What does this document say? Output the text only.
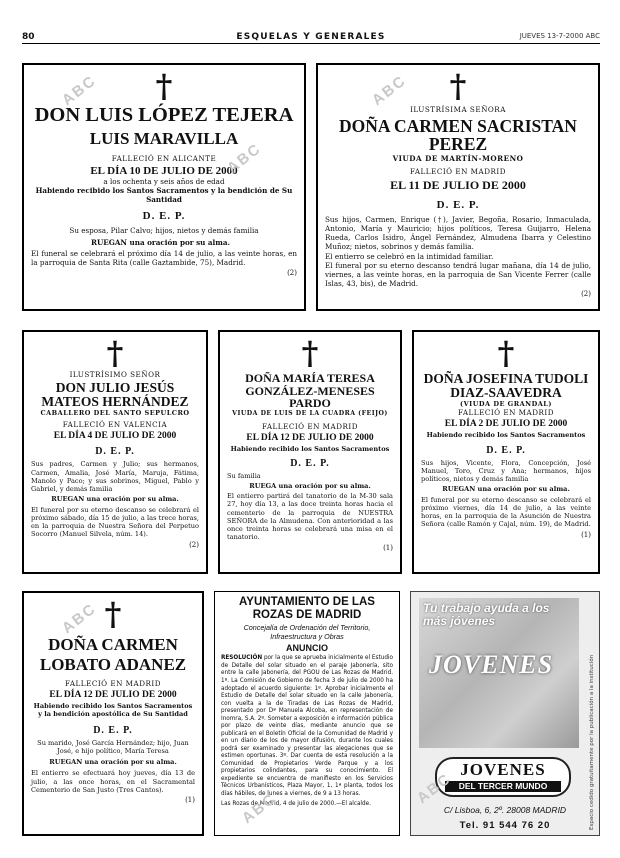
80	ESQUELAS Y GENERALES	JUEVES 13-7-2000 ABC
†
DON LUIS LÓPEZ TEJERA
LUIS MARAVILLA
FALLECIÓ EN ALICANTE
EL DÍA 10 DE JULIO DE 2000
a los ochenta y seis años de edad
Habiendo recibido los Santos Sacramentos y la bendición de Su Santidad
D. E. P.
Su esposa, Pilar Calvo; hijos, nietos y demás familia
RUEGAN una oración por su alma.
El funeral se celebrará el próximo día 14 de julio, a las veinte horas, en la parroquia de Santa Rita (calle Gaztambide, 75), Madrid.
(2)
†
ILUSTRÍSIMA SEÑORA
DOÑA CARMEN SACRISTAN PEREZ
VIUDA DE MARTÍN-MORENO
FALLECIÓ EN MADRID
EL 11 DE JULIO DE 2000
D. E. P.
Sus hijos, Carmen, Enrique (†), Javier, Begoña, Rosario, Inmaculada, Antonio, María y Mauricio; hijos políticos, Teresa Guijarro, Helena Rueda, Carlos Isidro, Ángel Fernández, Almudena Ibarra y Celestino Muñoz; nietos, sobrinos y demás familia.
El entierro se celebró en la intimidad familiar.
El funeral por su eterno descanso tendrá lugar mañana, día 14 de julio, viernes, a las veinte horas, en la parroquia de San Vicente Ferrer (calle Islas, 43, bis), de Madrid.
(2)
†
ILUSTRÍSIMO SEÑOR
DON JULIO JESÚS MATEOS HERNÁNDEZ
CABALLERO DEL SANTO SEPULCRO
FALLECIÓ EN VALENCIA
EL DÍA 4 DE JULIO DE 2000
D. E. P.
Sus padres, Carmen y Julio; sus hermanos, Carmen, Amalia, José María, Maruja, Fátima, Manolo y Paco; y sus sobrinos, Miguel, Pablo y Gabriel, y demás familia
RUEGAN una oración por su alma.
El funeral por su eterno descanso se celebrará el próximo sábado, día 15 de julio, a las trece horas, en la parroquia de Nuestra Señora del Perpetuo Socorro (Manuel Silvela, núm. 14).
(2)
†
DOÑA MARÍA TERESA GONZÁLEZ-MENESES PARDO
VIUDA DE LUIS DE LA CUADRA (FEIJO)
FALLECIÓ EN MADRID
EL DÍA 12 DE JULIO DE 2000
Habiendo recibido los Santos Sacramentos
D. E. P.
Su familia
RUEGA una oración por su alma.
El entierro partirá del tanatorio de la M-30 sala 27, hoy día 13, a las doce treinta horas hacia el cementerio de la parroquia de NUESTRA SEÑORA de la Almudena. Con anterioridad a las once treinta horas se celebrará una misa en el tanatorio.
(1)
†
DOÑA JOSEFINA TUDOLI DIAZ-SAAVEDRA
(VIUDA DE GRANDAL)
FALLECIÓ EN MADRID
EL DÍA 2 DE JULIO DE 2000
Habiendo recibido los Santos Sacramentos
D. E. P.
Sus hijos, Vicente, Flora, Concepción, José Manuel, Toro, Cruz y Ana; hermanos, hijos políticos, nietos y demás familia
RUEGAN una oración por su alma.
El funeral por su eterno descanso se celebrará el próximo viernes, día 14 de julio, a las veinte horas, en la parroquia de la Asunción de Nuestra Señora (calle Ramón y Cajal, núm. 19), de Madrid.
(1)
†
DOÑA CARMEN LOBATO ADANEZ
FALLECIÓ EN MADRID
EL DÍA 12 DE JULIO DE 2000
Habiendo recibido los Santos Sacramentos y la bendición apostólica de Su Santidad
D. E. P.
Su marido, José García Hernández; hijo, Juan José, e hijo político, María Teresa
RUEGAN una oración por su alma.
El entierro se efectuará hoy jueves, día 13 de julio, a las once horas, en el Sacramental Cementerio de San Justo (Tres Cantos).
(1)
AYUNTAMIENTO DE LAS ROZAS DE MADRID
Concejalía de Ordenación del Territorio, Infraestructura y Obras
ANUNCIO
RESOLUCIÓN por la que se aprueba inicialmente el Estudio de Detalle del solar situado en el paraje Jabonería, sito entre la calle Jabonería, del PGOU de Las Rozas de Madrid. 1º. La Comisión de Gobierno de fecha 3 de julio de 2000 ha adoptado el acuerdo siguiente: 1º. Aprobar inicialmente el Estudio de Detalle del solar situado en la calle Jabonería, con vuelta a la de Tiradas de Las Rozas de Madrid, presentado por Dª Manuela Alcoba, en representación de Inomra, S.A. 2º. Someter a exposición e información pública por plazo de veinte días, mediante anuncio que se publicará en el Boletín Oficial de la Comunidad de Madrid y en un diario de los de mayor difusión, durante los cuales podrá ser examinado y presentar las alegaciones que se estimen oportunas. 3º. Dar cuenta de esta resolución a la Comunidad de Propietarios Verde Parque y a los propietarios colindantes, para su conocimiento. El expediente se encuentra de manifiesto en los Servicios Técnicos Urbanísticos, Plaza Mayor, 1, 1ª planta, todos los días hábiles, de lunes a viernes, de 9 a 13 horas.
Las Rozas de Madrid, 4 de julio de 2000.—El alcalde.
Tu trabajo ayuda a los más jóvenes
JOVENES
JOVENES
DEL TERCER MUNDO
C/ Lisboa, 6, 2º. 28008 MADRID
Tel. 91 544 76 20	Espacio cedido gratuitamente por la publicación a la institución
ABC
ABC
ABC
ABC
ABC
ABC
